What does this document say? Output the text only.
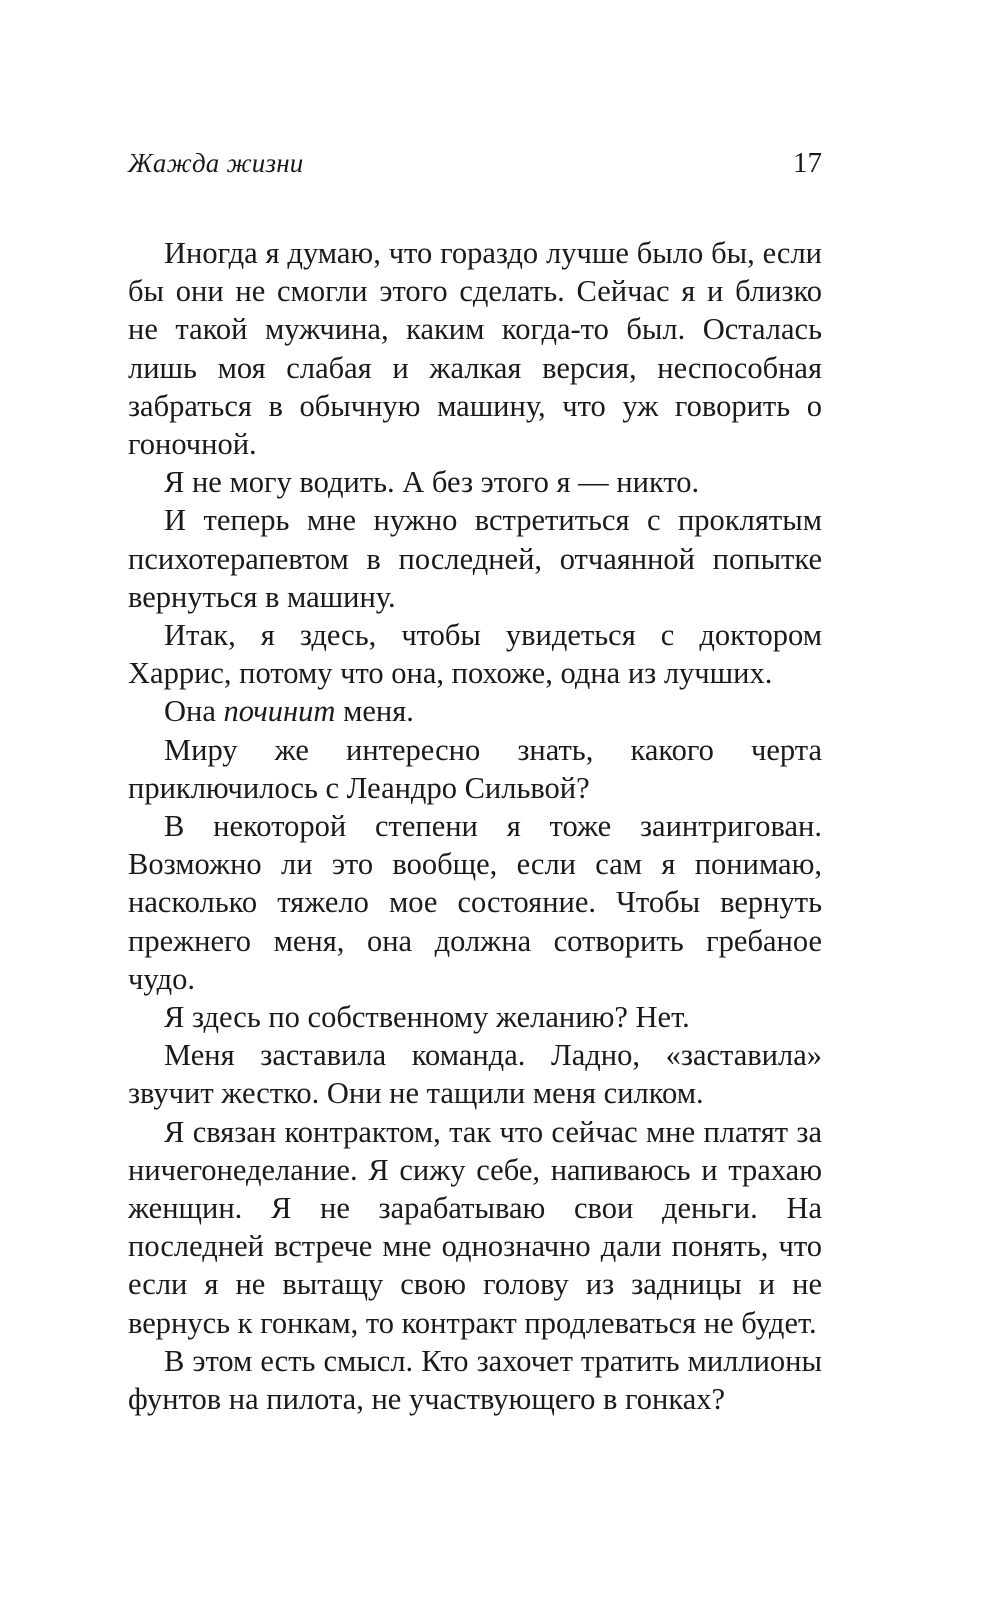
Жажда жизни	17

Иногда я думаю, что гораздо лучше было бы, если бы они не смогли этого сделать. Сейчас я и близко не такой мужчина, каким когда-то был. Осталась лишь моя слабая и жалкая версия, неспособная забраться в обычную машину, что уж говорить о гоночной.

Я не могу водить. А без этого я — никто.

И теперь мне нужно встретиться с проклятым психотерапевтом в последней, отчаянной попытке вернуться в машину.

Итак, я здесь, чтобы увидеться с доктором Харрис, потому что она, похоже, одна из лучших.

Она починит меня.

Миру же интересно знать, какого черта приключилось с Леандро Сильвой?

В некоторой степени я тоже заинтригован. Возможно ли это вообще, если сам я понимаю, насколько тяжело мое состояние. Чтобы вернуть прежнего меня, она должна сотворить гребаное чудо.

Я здесь по собственному желанию? Нет.

Меня заставила команда. Ладно, «заставила» звучит жестко. Они не тащили меня силком.

Я связан контрактом, так что сейчас мне платят за ничегонеделание. Я сижу себе, напиваюсь и трахаю женщин. Я не зарабатываю свои деньги. На последней встрече мне однозначно дали понять, что если я не вытащу свою голову из задницы и не вернусь к гонкам, то контракт продлеваться не будет.

В этом есть смысл. Кто захочет тратить миллионы фунтов на пилота, не участвующего в гонках?
